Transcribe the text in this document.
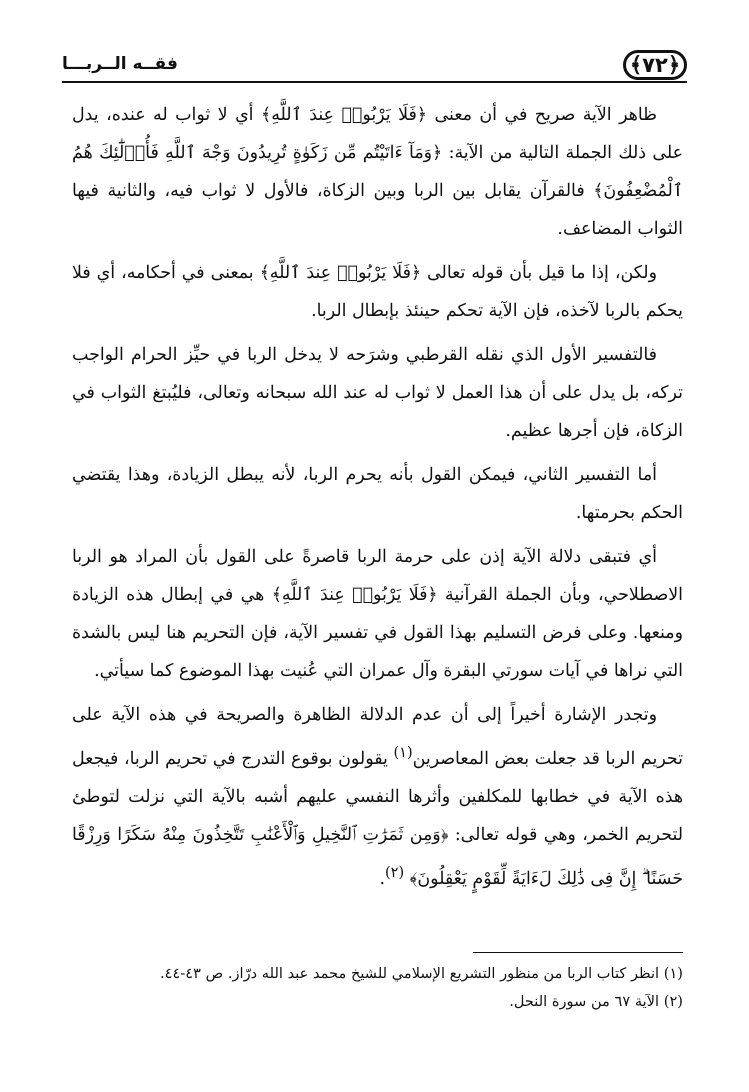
﴿٧٢﴾
فقــه الــربـــا

ظاهر الآية صريح في أن معنى ﴿فَلَا يَرْبُوا۟ عِندَ ٱللَّهِ﴾ أي لا ثواب له عنده، يدل على ذلك الجملة التالية من الآية: ﴿وَمَآ ءَاتَيْتُم مِّن زَكَوٰةٍ تُرِيدُونَ وَجْهَ ٱللَّهِ فَأُو۟لَٰٓئِكَ هُمُ ٱلْمُضْعِفُونَ﴾ فالقرآن يقابل بين الربا وبين الزكاة، فالأول لا ثواب فيه، والثانية فيها الثواب المضاعف.

ولكن، إذا ما قيل بأن قوله تعالى ﴿فَلَا يَرْبُوا۟ عِندَ ٱللَّهِ﴾ بمعنى في أحكامه، أي فلا يحكم بالربا لآخذه، فإن الآية تحكم حينئذ بإبطال الربا.

فالتفسير الأول الذي نقله القرطبي وشرَحه لا يدخل الربا في حيِّز الحرام الواجب تركه، بل يدل على أن هذا العمل لا ثواب له عند الله سبحانه وتعالى، فليُبتغ الثواب في الزكاة، فإن أجرها عظيم.

أما التفسير الثاني، فيمكن القول بأنه يحرم الربا، لأنه يبطل الزيادة، وهذا يقتضي الحكم بحرمتها.

أي فتبقى دلالة الآية إذن على حرمة الربا قاصرةً على القول بأن المراد هو الربا الاصطلاحي، وبأن الجملة القرآنية ﴿فَلَا يَرْبُوا۟ عِندَ ٱللَّهِ﴾ هي في إبطال هذه الزيادة ومنعها. وعلى فرض التسليم بهذا القول في تفسير الآية، فإن التحريم هنا ليس بالشدة التي نراها في آيات سورتي البقرة وآل عمران التي عُنيت بهذا الموضوع كما سيأتي.

وتجدر الإشارة أخيراً إلى أن عدم الدلالة الظاهرة والصريحة في هذه الآية على تحريم الربا قد جعلت بعض المعاصرين$^{(١)}$ يقولون بوقوع التدرج في تحريم الربا، فيجعل هذه الآية في خطابها للمكلفين وأثرها النفسي عليهم أشبه بالآية التي نزلت لتوطئ لتحريم الخمر، وهي قوله تعالى: ﴿وَمِن ثَمَرَٰتِ ٱلنَّخِيلِ وَٱلْأَعْنَٰبِ تَتَّخِذُونَ مِنْهُ سَكَرًا وَرِزْقًا حَسَنًا ۗ إِنَّ فِى ذَٰلِكَ لَءَايَةً لِّقَوْمٍ يَعْقِلُونَ﴾ $^{(٢)}$.

(١) انظر كتاب الربا من منظور التشريع الإسلامي للشيخ محمد عبد الله درّاز. ص ٤٣-٤٤.

(٢) الآية ٦٧ من سورة النحل.
